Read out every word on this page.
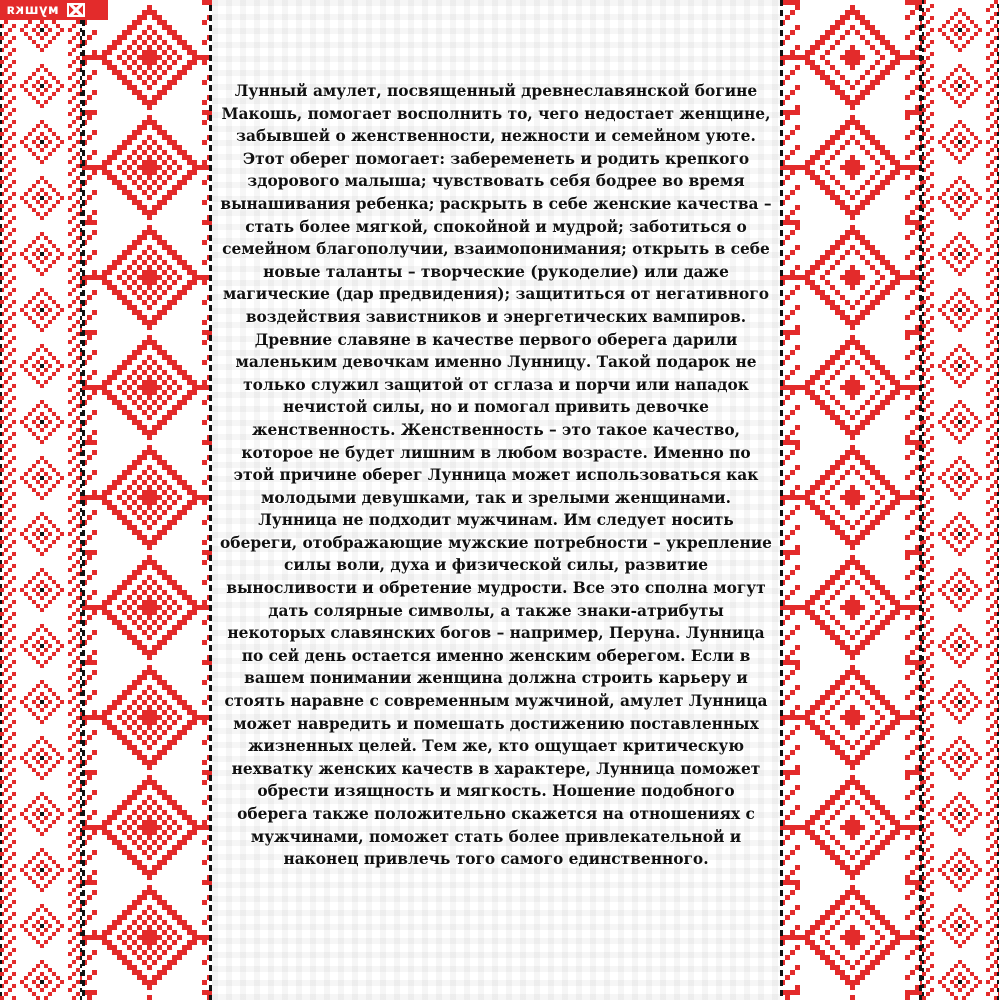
мушкя

Лунный амулет, посвященный древнеславянской богине Макошь, помогает восполнить то, чего недостает женщине, забывшей о женственности, нежности и семейном уюте. Этот оберег помогает: забеременеть и родить крепкого здорового малыша; чувствовать себя бодрее во время вынашивания ребенка; раскрыть в себе женские качества – стать более мягкой, спокойной и мудрой; заботиться о семейном благополучии, взаимопонимания; открыть в себе новые таланты – творческие (рукоделие) или даже магические (дар предвидения); защититься от негативного воздействия завистников и энергетических вампиров. Древние славяне в качестве первого оберега дарили маленьким девочкам именно Лунницу. Такой подарок не только служил защитой от сглаза и порчи или нападок нечистой силы, но и помогал привить девочке женственность. Женственность – это такое качество, которое не будет лишним в любом возрасте. Именно по этой причине оберег Лунница может использоваться как молодыми девушками, так и зрелыми женщинами. Лунница не подходит мужчинам. Им следует носить обереги, отображающие мужские потребности – укрепление силы воли, духа и физической силы, развитие выносливости и обретение мудрости. Все это сполна могут дать солярные символы, а также знаки-атрибуты некоторых славянских богов – например, Перуна. Лунница по сей день остается именно женским оберегом. Если в вашем понимании женщина должна строить карьеру и стоять наравне с современным мужчиной, амулет Лунница может навредить и помешать достижению поставленных жизненных целей. Тем же, кто ощущает критическую нехватку женских качеств в характере, Лунница поможет обрести изящность и мягкость. Ношение подобного оберега также положительно скажется на отношениях с мужчинами, поможет стать более привлекательной и наконец привлечь того самого единственного.
